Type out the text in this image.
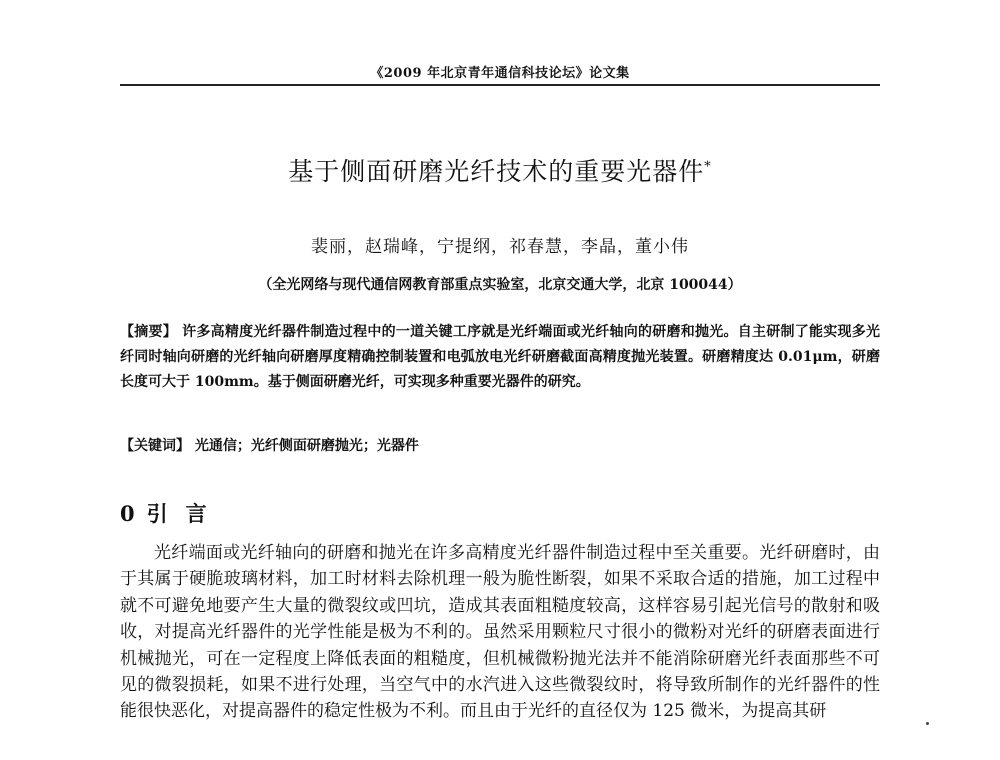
《2009 年北京青年通信科技论坛》论文集
基于侧面研磨光纤技术的重要光器件*
裴丽，赵瑞峰，宁提纲，祁春慧，李晶，董小伟
（全光网络与现代通信网教育部重点实验室，北京交通大学，北京 100044）
【摘要】 许多高精度光纤器件制造过程中的一道关键工序就是光纤端面或光纤轴向的研磨和抛光。自主研制了能实现多光纤同时轴向研磨的光纤轴向研磨厚度精确控制装置和电弧放电光纤研磨截面高精度抛光装置。研磨精度达 0.01μm，研磨长度可大于 100mm。基于侧面研磨光纤，可实现多种重要光器件的研究。
【关键词】 光通信；光纤侧面研磨抛光；光器件
0 引言
光纤端面或光纤轴向的研磨和抛光在许多高精度光纤器件制造过程中至关重要。光纤研磨时，由于其属于硬脆玻璃材料，加工时材料去除机理一般为脆性断裂，如果不采取合适的措施，加工过程中就不可避免地要产生大量的微裂纹或凹坑，造成其表面粗糙度较高，这样容易引起光信号的散射和吸收，对提高光纤器件的光学性能是极为不利的。虽然采用颗粒尺寸很小的微粉对光纤的研磨表面进行机械抛光，可在一定程度上降低表面的粗糙度，但机械微粉抛光法并不能消除研磨光纤表面那些不可见的微裂损耗，如果不进行处理，当空气中的水汽进入这些微裂纹时，将导致所制作的光纤器件的性能很快恶化，对提高器件的稳定性极为不利。而且由于光纤的直径仅为 125 微米，为提高其研
